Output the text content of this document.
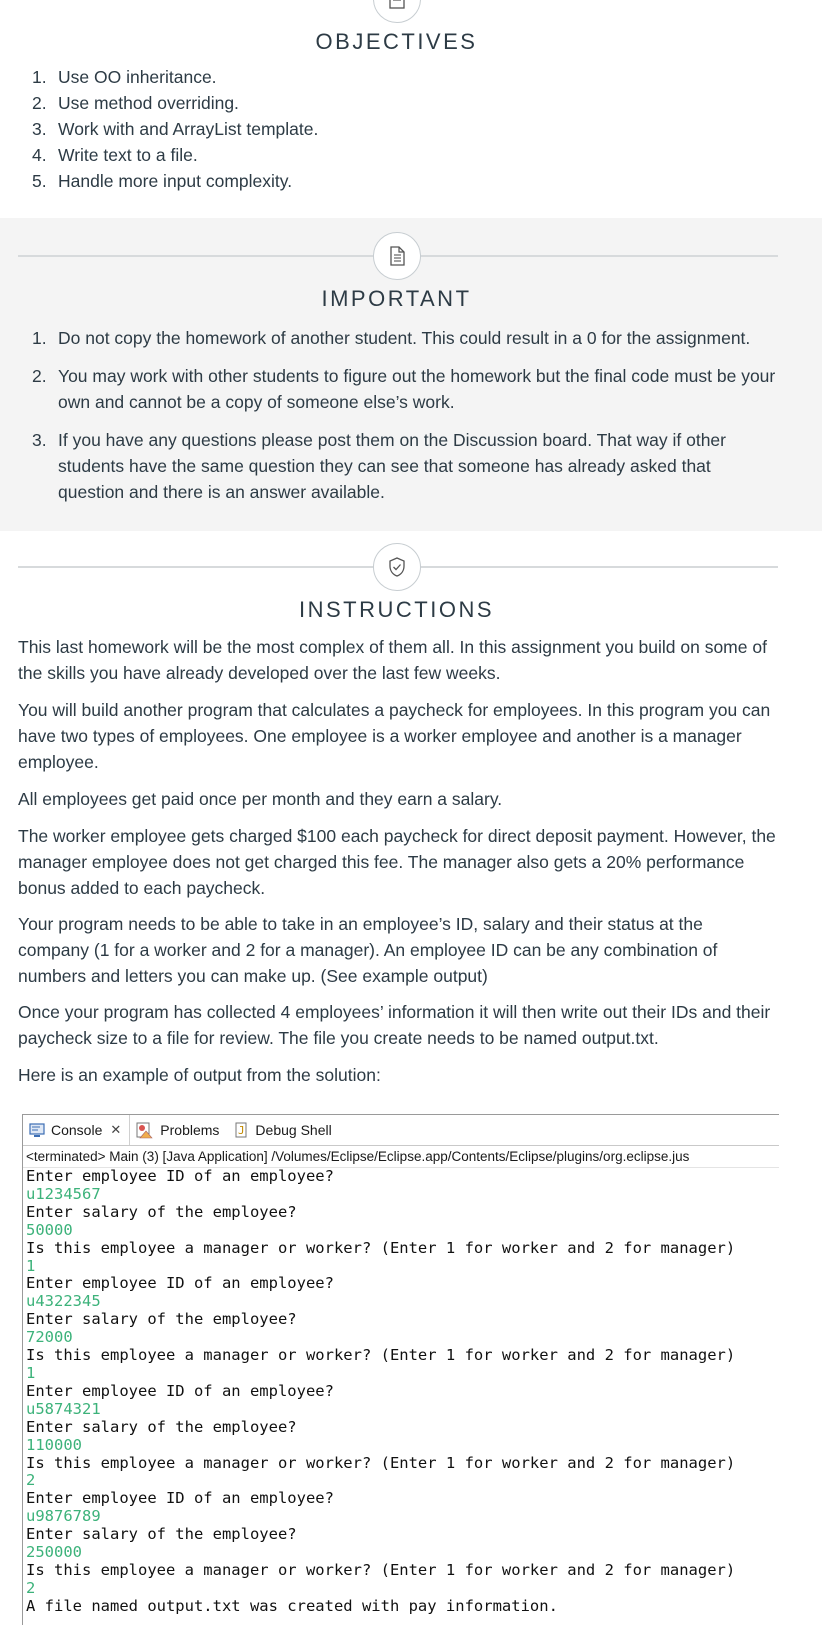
OBJECTIVES
1. Use OO inheritance.
2. Use method overriding.
3. Work with and ArrayList template.
4. Write text to a file.
5. Handle more input complexity.
IMPORTANT
1. Do not copy the homework of another student. This could result in a 0 for the assignment.
2. You may work with other students to figure out the homework but the final code must be your own and cannot be a copy of someone else’s work.
3. If you have any questions please post them on the Discussion board. That way if other students have the same question they can see that someone has already asked that question and there is an answer available.
INSTRUCTIONS

This last homework will be the most complex of them all. In this assignment you build on some of the skills you have already developed over the last few weeks.

You will build another program that calculates a paycheck for employees. In this program you can have two types of employees. One employee is a worker employee and another is a manager employee.

All employees get paid once per month and they earn a salary.

The worker employee gets charged $100 each paycheck for direct deposit payment. However, the manager employee does not get charged this fee. The manager also gets a 20% performance bonus added to each paycheck.

Your program needs to be able to take in an employee’s ID, salary and their status at the company (1 for a worker and 2 for a manager). An employee ID can be any combination of numbers and letters you can make up. (See example output)

Once your program has collected 4 employees’ information it will then write out their IDs and their paycheck size to a file for review. The file you create needs to be named output.txt.

Here is an example of output from the solution:

Console ✕	Problems J Debug Shell
<terminated> Main (3) [Java Application] /Volumes/Eclipse/Eclipse.app/Contents/Eclipse/plugins/org.eclipse.jus
Enter employee ID of an employee?
u1234567
Enter salary of the employee?
50000
Is this employee a manager or worker? (Enter 1 for worker and 2 for manager)
1
Enter employee ID of an employee?
u4322345
Enter salary of the employee?
72000
Is this employee a manager or worker? (Enter 1 for worker and 2 for manager)
1
Enter employee ID of an employee?
u5874321
Enter salary of the employee?
110000
Is this employee a manager or worker? (Enter 1 for worker and 2 for manager)
2
Enter employee ID of an employee?
u9876789
Enter salary of the employee?
250000
Is this employee a manager or worker? (Enter 1 for worker and 2 for manager)
2
A file named output.txt was created with pay information.
